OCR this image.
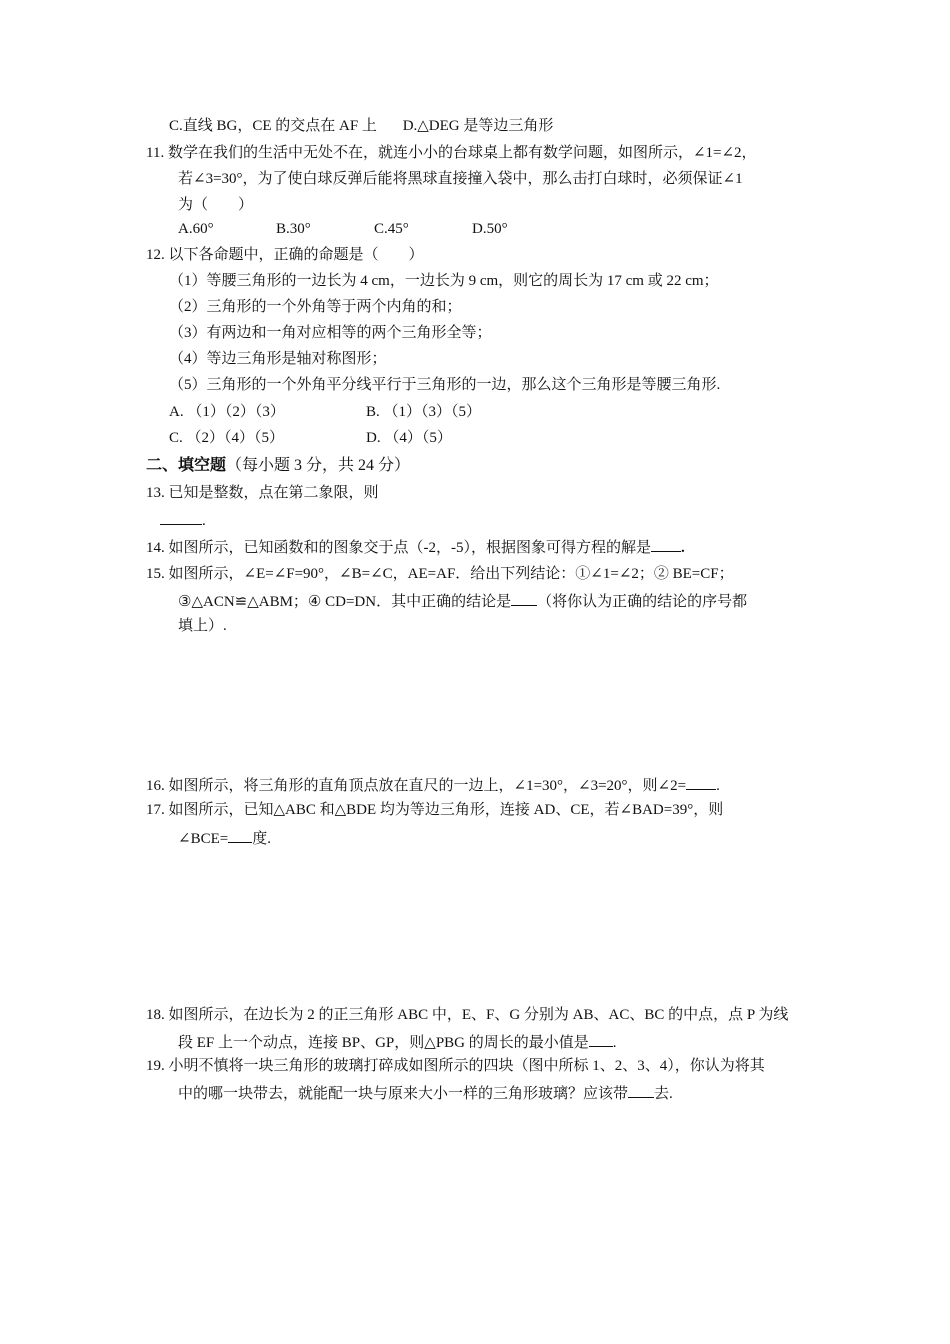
C.直线 BG，CE 的交点在 AF 上 D.△DEG 是等边三角形
11. 数学在我们的生活中无处不在，就连小小的台球桌上都有数学问题，如图所示，∠1=∠2，
若∠3=30°，为了使白球反弹后能将黑球直接撞入袋中，那么击打白球时，必须保证∠1
为（　　）
A.60°	B.30°	C.45°	D.50°
12. 以下各命题中，正确的命题是（　　）
（1）等腰三角形的一边长为 4 cm，一边长为 9 cm，则它的周长为 17 cm 或 22 cm；
（2）三角形的一个外角等于两个内角的和；
（3）有两边和一角对应相等的两个三角形全等；
（4）等边三角形是轴对称图形；
（5）三角形的一个外角平分线平行于三角形的一边，那么这个三角形是等腰三角形.
A. （1）（2）（3）	B. （1）（3）（5）
C. （2）（4）（5）	D. （4）（5）
二、填空题（每小题 3 分，共 24 分）
13. 已知是整数，点在第二象限，则
.
14. 如图所示，已知函数和的图象交于点（-2，-5），根据图象可得方程的解是 .
15. 如图所示，∠E=∠F=90°，∠B=∠C，AE=AF．给出下列结论：①∠1=∠2；② BE=CF；
③△ACN≌△ABM；④ CD=DN．其中正确的结论是 （将你认为正确的结论的序号都
填上）.
16. 如图所示，将三角形的直角顶点放在直尺的一边上，∠1=30°，∠3=20°，则∠2= .
17. 如图所示，已知△ABC 和△BDE 均为等边三角形，连接 AD、CE，若∠BAD=39°，则
∠BCE= 度.
18. 如图所示，在边长为 2 的正三角形 ABC 中，E、F、G 分别为 AB、AC、BC 的中点，点 P 为线
段 EF 上一个动点，连接 BP、GP，则△PBG 的周长的最小值是 .
19. 小明不慎将一块三角形的玻璃打碎成如图所示的四块（图中所标 1、2、3、4），你认为将其
中的哪一块带去，就能配一块与原来大小一样的三角形玻璃？应该带 去.
